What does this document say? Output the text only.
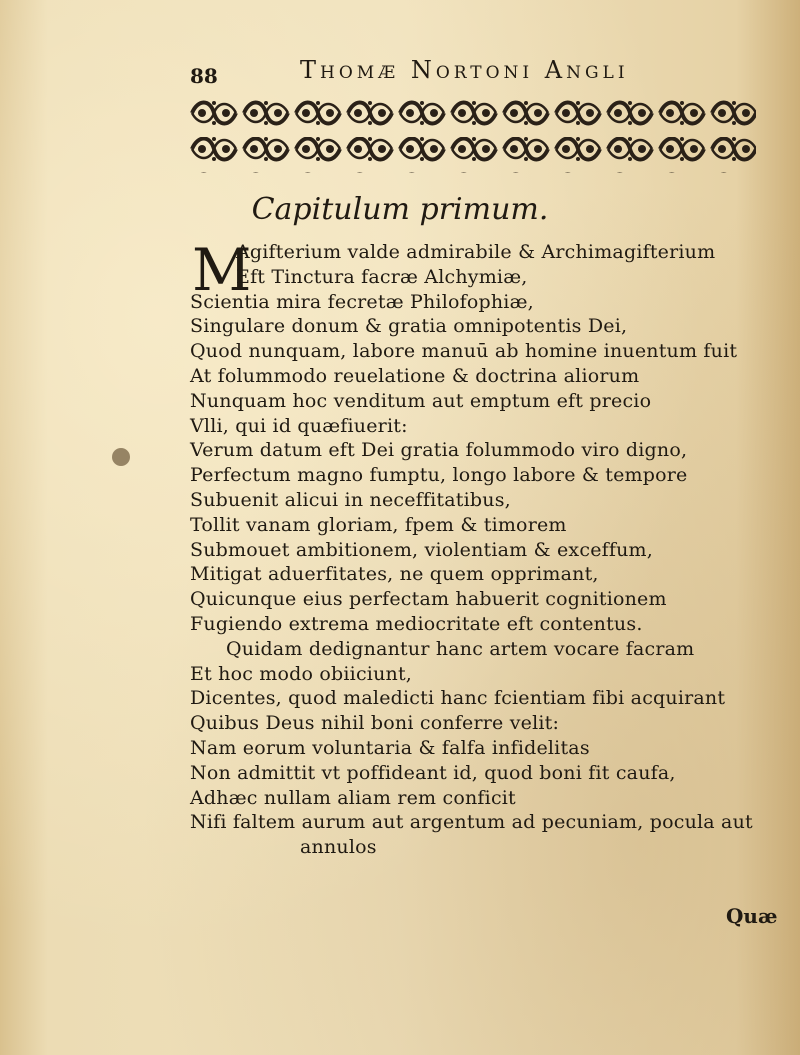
88	Thomæ Nortoni Angli
Capitulum primum.
M
Agifterium valde admirabile & Archimagifterium
Eft Tinctura facræ Alchymiæ,
Scientia mira fecretæ Philofophiæ,
Singulare donum & gratia omnipotentis Dei,
Quod nunquam, labore manuū ab homine inuentum fuit
At folummodo reuelatione & doctrina aliorum
Nunquam hoc venditum aut emptum eft precio
Vlli, qui id quæfiuerit:
Verum datum eft Dei gratia folummodo viro digno,
Perfectum magno fumptu, longo labore & tempore
Subuenit alicui in neceffitatibus,
Tollit vanam gloriam, fpem & timorem
Submouet ambitionem, violentiam & exceffum,
Mitigat aduerfitates, ne quem opprimant,
Quicunque eius perfectam habuerit cognitionem
Fugiendo extrema mediocritate eft contentus.
Quidam dedignantur hanc artem vocare facram
Et hoc modo obiiciunt,
Dicentes, quod maledicti hanc fcientiam fibi acquirant
Quibus Deus nihil boni conferre velit:
Nam eorum voluntaria & falfa infidelitas
Non admittit vt poffideant id, quod boni fit caufa,
Adhæc nullam aliam rem conficit
Nifi faltem aurum aut argentum ad pecuniam, pocula aut
annulos
Quæ
